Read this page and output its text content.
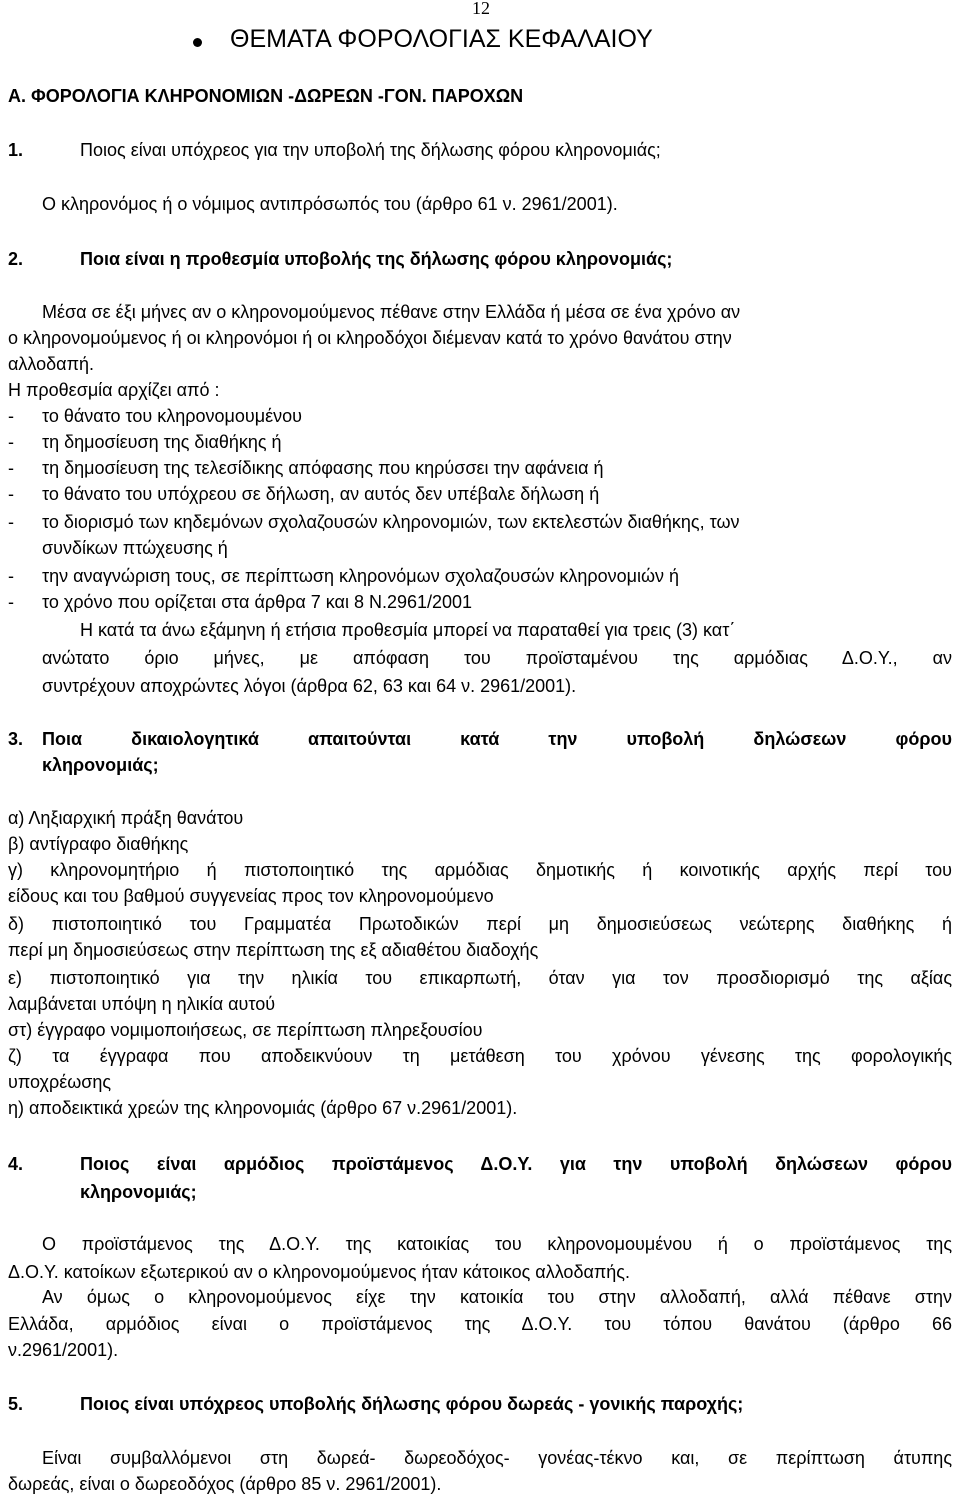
12
ΘΕΜΑΤΑ ΦΟΡΟΛΟΓΙΑΣ ΚΕΦΑΛΑΙΟΥ
Α. ΦΟΡΟΛΟΓΙΑ ΚΛΗΡΟΝΟΜΙΩΝ -ΔΩΡΕΩΝ -ΓΟΝ. ΠΑΡΟΧΩΝ
1.	Ποιος είναι υπόχρεος για την υποβολή της δήλωσης φόρου κληρονομιάς;
Ο κληρονόμος ή ο νόμιμος αντιπρόσωπός του (άρθρο 61 ν. 2961/2001).
2.	Ποια είναι η προθεσμία υποβολής της δήλωσης φόρου κληρονομιάς;
Μέσα σε έξι μήνες αν ο κληρονομούμενος πέθανε στην Ελλάδα ή μέσα σε ένα χρόνο αν
ο κληρονομούμενος ή οι κληρονόμοι ή οι κληροδόχοι διέμεναν κατά το χρόνο θανάτου στην
αλλοδαπή.
Η προθεσμία αρχίζει από :
- το θάνατο του κληρονομουμένου
- τη δημοσίευση της διαθήκης ή
- τη δημοσίευση της τελεσίδικης απόφασης που κηρύσσει την αφάνεια ή
- το θάνατο του υπόχρεου σε δήλωση, αν αυτός δεν υπέβαλε δήλωση ή
- το διορισμό των κηδεμόνων σχολαζουσών κληρονομιών, των εκτελεστών διαθήκης, των
συνδίκων πτώχευσης ή
- την αναγνώριση τους, σε περίπτωση κληρονόμων σχολαζουσών κληρονομιών ή
- το χρόνο που ορίζεται στα άρθρα 7 και 8 Ν.2961/2001
Η κατά τα άνω εξάμηνη ή ετήσια προθεσμία μπορεί να παραταθεί για τρεις (3) κατ΄
ανώτατο όριο μήνες, με απόφαση του προϊσταμένου της αρμόδιας Δ.Ο.Υ., αν
συντρέχουν αποχρώντες λόγοι (άρθρα 62, 63 και 64 ν. 2961/2001).
3. Ποια δικαιολογητικά απαιτούνται κατά την υποβολή δηλώσεων φόρου
κληρονομιάς;
α) Ληξιαρχική πράξη θανάτου
β) αντίγραφο διαθήκης
γ) κληρονομητήριο ή πιστοποιητικό της αρμόδιας δημοτικής ή κοινοτικής αρχής περί του
είδους και του βαθμού συγγενείας προς τον κληρονομούμενο
δ) πιστοποιητικό του Γραμματέα Πρωτοδικών περί μη δημοσιεύσεως νεώτερης διαθήκης ή
περί μη δημοσιεύσεως στην περίπτωση της εξ αδιαθέτου διαδοχής
ε) πιστοποιητικό για την ηλικία του επικαρπωτή, όταν για τον προσδιορισμό της αξίας
λαμβάνεται υπόψη η ηλικία αυτού
στ) έγγραφο νομιμοποιήσεως, σε περίπτωση πληρεξουσίου
ζ) τα έγγραφα που αποδεικνύουν τη μετάθεση του χρόνου γένεσης της φορολογικής
υποχρέωσης
η) αποδεικτικά χρεών της κληρονομιάς (άρθρο 67 ν.2961/2001).
4.	Ποιος είναι αρμόδιος προϊστάμενος Δ.Ο.Υ. για την υποβολή δηλώσεων φόρου
κληρονομιάς;
Ο προϊστάμενος της Δ.Ο.Υ. της κατοικίας του κληρονομουμένου ή ο προϊστάμενος της
Δ.Ο.Υ. κατοίκων εξωτερικού αν ο κληρονομούμενος ήταν κάτοικος αλλοδαπής.
Αν όμως ο κληρονομούμενος είχε την κατοικία του στην αλλοδαπή, αλλά πέθανε στην
Ελλάδα, αρμόδιος είναι ο προϊστάμενος της Δ.Ο.Υ. του τόπου θανάτου (άρθρο 66
ν.2961/2001).
5.	Ποιος είναι υπόχρεος υποβολής δήλωσης φόρου δωρεάς - γονικής παροχής;
Είναι συμβαλλόμενοι στη δωρεά- δωρεοδόχος- γονέας-τέκνο και, σε περίπτωση άτυπης
δωρεάς, είναι ο δωρεοδόχος (άρθρο 85 ν. 2961/2001).
